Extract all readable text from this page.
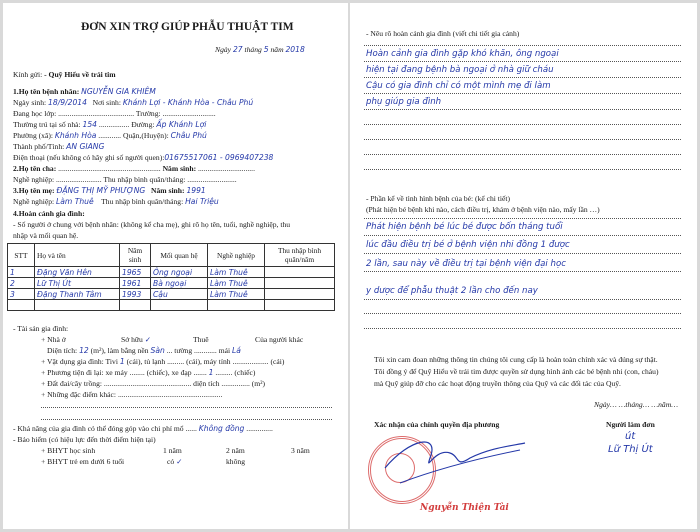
ĐƠN XIN TRỢ GIÚP PHẪU THUẬT TIM
Ngày 27 tháng 5 năm 2018
Kính gửi: - Quỹ Hiểu về trái tim
1.Họ tên bệnh nhân: NGUYỄN GIA KHIÊM
Ngày sinh: 18/9/2014 Nơi sinh: Khánh Lợi - Khánh Hòa - Châu Phú
Đang học lớp: ........................................ Trường: ............................
Thường trú tại số nhà: 154 ................ Đường: Ấp Khánh Lợi
Phường (xã): Khánh Hòa ............ Quận,(Huyện): Châu Phú
Thành phố/Tỉnh: AN GIANG
Điện thoại (nếu không có hãy ghi số người quen):01675517061 - 0969407238
2.Họ tên cha: ...................................................... Năm sinh: ..............................
Nghề nghiệp: ........................ Thu nhập bình quân/tháng: ..........................
3.Họ tên mẹ: ĐẶNG THỊ MỸ PHƯỢNG Năm sinh: 1991
Nghề nghiệp: Làm Thuê Thu nhập bình quân/tháng: Hai Triệu
4.Hoàn cảnh gia đình:
- Số người ở chung với bệnh nhân: (không kể cha mẹ), ghi rõ họ tên, tuổi, nghề nghiệp, thu
nhập và mối quan hệ.
STT	Họ và tên	Năm sinh	Mối quan hệ	Nghề nghiệp	Thu nhập bình quân/năm
1	Đặng Văn Hên	1965	Ông ngoại	Làm Thuê	
2	Lữ Thị Út	1961	Bà ngoại	Làm Thuê	
3	Đặng Thanh Tâm	1993	Cậu	Làm Thuê	

- Tài sản gia đình:
+ Nhà ở	Sở hữu ✓	Thuê	Của người khác
Diện tích: 12 (m²), làm bằng nền Sàn ... tường ............ mái Lá
+ Vật dụng gia đình: Tivi 1 (cái), tủ lạnh ......... (cái), máy tính ................... (cái)
+ Phương tiện đi lại: xe máy ........ (chiếc), xe đạp ....... 1 ......... (chiếc)
+ Đất đai/cây trồng: .............................................. diện tích ............... (m²)
+ Những đặc điểm khác: .......................................................
- Khả năng của gia đình có thể đóng góp vào chi phí mổ ...... Không đồng ..............
- Bảo hiểm (có hiệu lực đến thời điểm hiện tại)
+ BHYT học sinh	1 năm	2 năm	3 năm
+ BHYT trẻ em dưới 6 tuổi	có ✓	không
- Nêu rõ hoàn cảnh gia đình (viết chi tiết gia cảnh)
Hoàn cảnh gia đình gặp khó khăn, ông ngoại
hiện tại đang bệnh bà ngoại ở nhà giữ cháu
Cậu có gia đình chỉ có một mình mẹ đi làm
phụ giúp gia đình
- Phần kể về tình hình bệnh của bé: (kể chi tiết)
(Phát hiện bé bệnh khi nào, cách điều trị, khám ở bệnh viện nào, mấy lần …)
Phát hiện bệnh bé lúc bé được bốn tháng tuổi
lúc đầu điều trị bé ở bệnh viện nhi đồng 1 được
2 lần, sau này về điều trị tại bệnh viện đại học
y dược để phẫu thuật 2 lần cho đến nay
Tôi xin cam đoan những thông tin chúng tôi cung cấp là hoàn toàn chính xác và đúng sự thật.
Tôi đồng ý để Quỹ Hiểu về trái tim được quyền sử dụng hình ảnh các bé bệnh nhi (con, cháu)
mà Quỹ giúp đỡ cho các hoạt động truyền thông của Quỹ và các đối tác của Quỹ.
Ngày… …tháng… …năm…
Xác nhận của chính quyền địa phương
Nguyễn Thiện Tài
Người làm đơn
út
Lữ Thị Út
